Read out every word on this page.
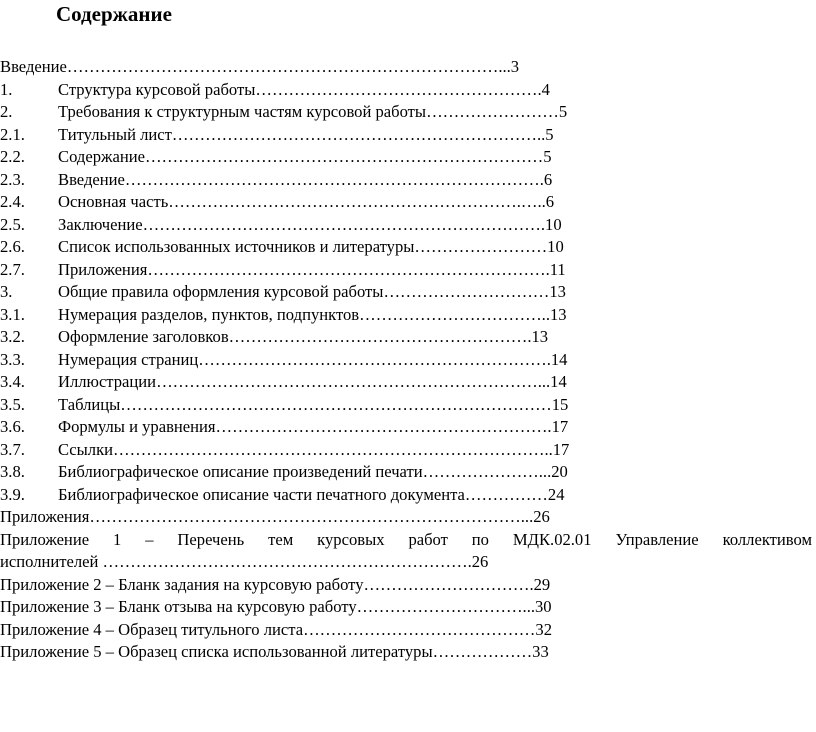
Содержание
Введение……………………………………………………………………...3
1.	Структура курсовой работы…………………………………………….4
2.	Требования к структурным частям курсовой работы……………………5
2.1. Титульный лист…………………………………………………………..5
2.2. Содержание………………………………………………………………5
2.3. Введение………………………………………………………………….6
2.4. Основная часть……………………………………………………….…..6
2.5. Заключение……………………………………………………………….10
2.6. Список использованных источников и литературы……………………10
2.7. Приложения……………………………………………………………….11
3.	Общие правила оформления курсовой работы…………………………13
3.1. Нумерация разделов, пунктов, подпунктов……………………………..13
3.2. Оформление заголовков……………………………………………….13
3.3. Нумерация страниц……………………………………………………….14
3.4. Иллюстрации……………………………………………………………...14
3.5. Таблицы……………………………………………………………………15
3.6. Формулы и уравнения…………………………………………………….17
3.7. Ссылки……………………………………………………………………..17
3.8. Библиографическое описание произведений печати…………………...20
3.9. Библиографическое описание части печатного документа……………24
Приложения……………………………………………………………………...26
Приложение 1 – Перечень тем курсовых работ по МДК.02.01 Управление коллективом
исполнителей ………………………………………………………….26
Приложение 2 – Бланк задания на курсовую работу………………………….29
Приложение 3 – Бланк отзыва на курсовую работу…………………………...30
Приложение 4 – Образец титульного листа……………………………………32
Приложение 5 – Образец списка использованной литературы………………33
